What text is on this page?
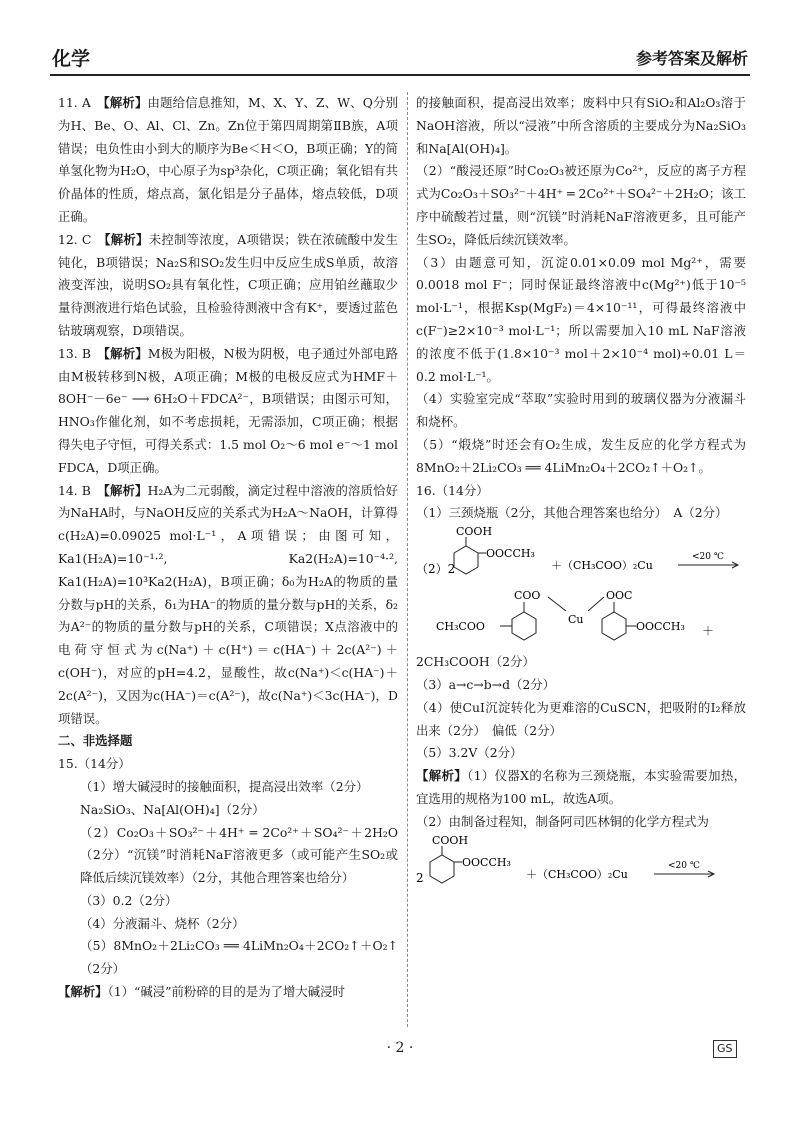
化学	参考答案及解析
11. A　 【解析】由题给信息推知，M、X、Y、Z、W、Q分别为H、Be、O、Al、Cl、Zn。Zn位于第四周期第ⅡB族，A项错误；电负性由小到大的顺序为Be＜H＜O，B项正确；Y的简单氢化物为H₂O，中心原子为sp³杂化，C项正确；氧化铝有共价晶体的性质，熔点高，氯化铝是分子晶体，熔点较低，D项正确。
12. C　 【解析】未控制等浓度，A项错误；铁在浓硫酸中发生钝化，B项错误；Na₂S和SO₂发生归中反应生成S单质，故溶液变浑浊，说明SO₂具有氧化性，C项正确；应用铂丝蘸取少量待测液进行焰色试验，且检验待测液中含有K⁺，要透过蓝色钴玻璃观察，D项错误。
13. B　 【解析】M极为阳极，N极为阴极，电子通过外部电路由M极转移到N极，A项正确；M极的电极反应式为HMF＋8OH⁻－6e⁻ ⟶ 6H₂O＋FDCA²⁻，B项错误；由图示可知，HNO₃作催化剂，如不考虑损耗，无需添加，C项正确；根据得失电子守恒，可得关系式：1.5 mol O₂～6 mol e⁻～1 mol FDCA，D项正确。
14. B　 【解析】H₂A为二元弱酸，滴定过程中溶液的溶质恰好为NaHA时，与NaOH反应的关系式为H₂A～NaOH，计算得c(H₂A)=0.09025 mol·L⁻¹，A项错误；由图可知，Ka1(H₂A)=10⁻¹·², Ka2(H₂A)=10⁻⁴·², Ka1(H₂A)=10³Ka2(H₂A)，B项正确；δ₀为H₂A的物质的量分数与pH的关系，δ₁为HA⁻的物质的量分数与pH的关系，δ₂为A²⁻的物质的量分数与pH的关系，C项错误；X点溶液中的电荷守恒式为c(Na⁺)＋c(H⁺)＝c(HA⁻)＋2c(A²⁻)＋c(OH⁻)，对应的pH=4.2，显酸性，故c(Na⁺)＜c(HA⁻)＋2c(A²⁻)，又因为c(HA⁻)＝c(A²⁻)，故c(Na⁺)＜3c(HA⁻)，D项错误。

二、非选择题

15.（14分）

（1）增大碱浸时的接触面积，提高浸出效率（2分）

Na₂SiO₃、Na[Al(OH)₄]（2分）

（2）Co₂O₃＋SO₃²⁻＋4H⁺ ═ 2Co²⁺＋SO₄²⁻＋2H₂O（2分）“沉镁”时消耗NaF溶液更多（或可能产生SO₂或降低后续沉镁效率）（2分，其他合理答案也给分）

（3）0.2（2分）

（4）分液漏斗、烧杯（2分）

（5）8MnO₂＋2Li₂CO₃ ══ 4LiMn₂O₄＋2CO₂↑＋O₂↑（2分）

【解析】（1）“碱浸”前粉碎的目的是为了增大碱浸时

的接触面积，提高浸出效率；废料中只有SiO₂和Al₂O₃溶于NaOH溶液，所以“浸液”中所含溶质的主要成分为Na₂SiO₃和Na[Al(OH)₄]。

（2）“酸浸还原”时Co₂O₃被还原为Co²⁺，反应的离子方程式为Co₂O₃＋SO₃²⁻＋4H⁺ ═ 2Co²⁺＋SO₄²⁻＋2H₂O；该工序中硫酸若过量，则“沉镁”时消耗NaF溶液更多，且可能产生SO₂，降低后续沉镁效率。

（3）由题意可知，沉淀0.01×0.09 mol Mg²⁺，需要0.0018 mol F⁻；同时保证最终溶液中c(Mg²⁺)低于10⁻⁵ mol·L⁻¹，根据Ksp(MgF₂)＝4×10⁻¹¹，可得最终溶液中c(F⁻)≥2×10⁻³ mol·L⁻¹；所以需要加入10 mL NaF溶液的浓度不低于(1.8×10⁻³ mol＋2×10⁻⁴ mol)÷0.01 L＝0.2 mol·L⁻¹。

（4）实验室完成“萃取”实验时用到的玻璃仪器为分液漏斗和烧杯。

（5）“煅烧”时还会有O₂生成，发生反应的化学方程式为8MnO₂＋2Li₂CO₃ ══ 4LiMn₂O₄＋2CO₂↑＋O₂↑。

16.（14分）

（1）三颈烧瓶（2分，其他合理答案也给分）　A（2分）

（2）2
COOH
OOCCH₃
＋（CH₃COO）₂Cu
<20 ℃
COO	OOC
Cu
CH₃COO	OOCCH₃ ＋

2CH₃COOH（2分）

（3）a→c→b→d（2分）

（4）使CuI沉淀转化为更难溶的CuSCN，把吸附的I₂释放出来（2分）　偏低（2分）

（5）3.2V（2分）

【解析】（1）仪器X的名称为三颈烧瓶，本实验需要加热，宜选用的规格为100 mL，故选A项。

（2）由制备过程知，制备阿司匹林铜的化学方程式为

2
COOH
OOCCH₃
＋（CH₃COO）₂Cu
<20 ℃
· 2 ·	GS
